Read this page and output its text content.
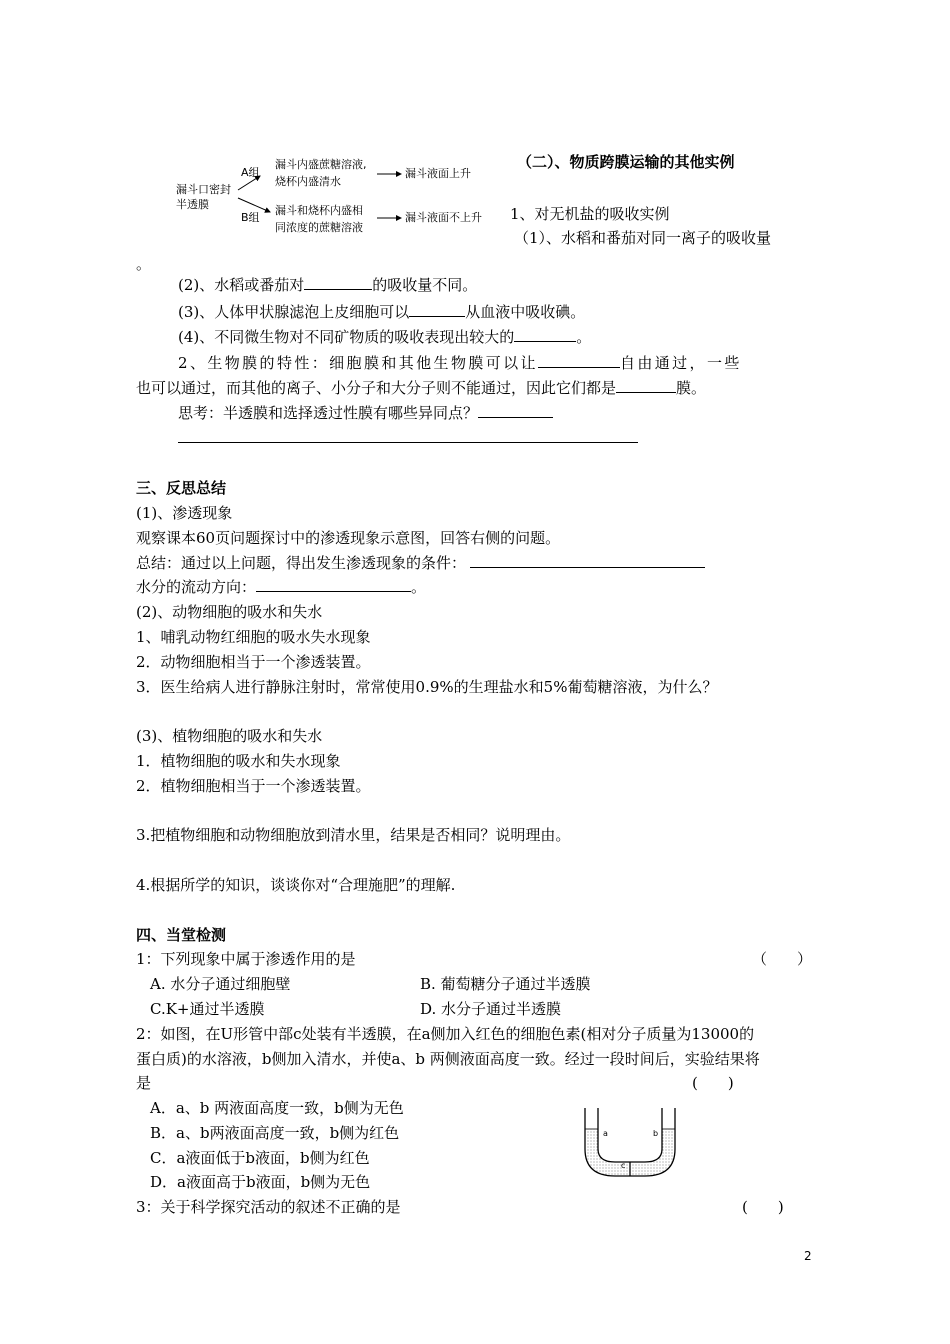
漏斗口密封
半透膜
A组
B组
漏斗内盛蔗糖溶液,
烧杯内盛清水
漏斗液面上升
漏斗和烧杯内盛相
同浓度的蔗糖溶液
漏斗液面不上升
（二）、物质跨膜运输的其他实例
1、对无机盐的吸收实例
（1）、水稻和番茄对同一离子的吸收量
。
(2)、水稻或番茄对	的吸收量不同。
(3)、人体甲状腺滤泡上皮细胞可以	从血液中吸收碘。
(4)、不同微生物对不同矿物质的吸收表现出较大的	。
2、生物膜的特性：细胞膜和其他生物膜可以让	自由通过，一些
也可以通过，而其他的离子、小分子和大分子则不能通过，因此它们都是	膜。
思考：半透膜和选择透过性膜有哪些异同点？
三、反思总结
(1)、渗透现象
观察课本60页问题探讨中的渗透现象示意图，回答右侧的问题。
总结：通过以上问题，得出发生渗透现象的条件：
水分的流动方向：	。
(2)、动物细胞的吸水和失水
1、哺乳动物红细胞的吸水失水现象
2．动物细胞相当于一个渗透装置。
3．医生给病人进行静脉注射时，常常使用0.9%的生理盐水和5%葡萄糖溶液，为什么？
(3)、植物细胞的吸水和失水
1．植物细胞的吸水和失水现象
2．植物细胞相当于一个渗透装置。
3.把植物细胞和动物细胞放到清水里，结果是否相同？说明理由。
4.根据所学的知识，谈谈你对“合理施肥”的理解.
四、当堂检测
1：下列现象中属于渗透作用的是	（　　）
A. 水分子通过细胞壁	B. 葡萄糖分子通过半透膜
C.K+通过半透膜	D. 水分子通过半透膜
2：如图，在U形管中部c处装有半透膜，在a侧加入红色的细胞色素(相对分子质量为13000的
蛋白质)的水溶液，b侧加入清水，并使a、b 两侧液面高度一致。经过一段时间后，实验结果将
是	(　　)
A．a、b 两液面高度一致，b侧为无色
B．a、b两液面高度一致，b侧为红色
C．a液面低于b液面，b侧为红色
D．a液面高于b液面，b侧为无色
a	b
c
3：关于科学探究活动的叙述不正确的是	(　　)
2
